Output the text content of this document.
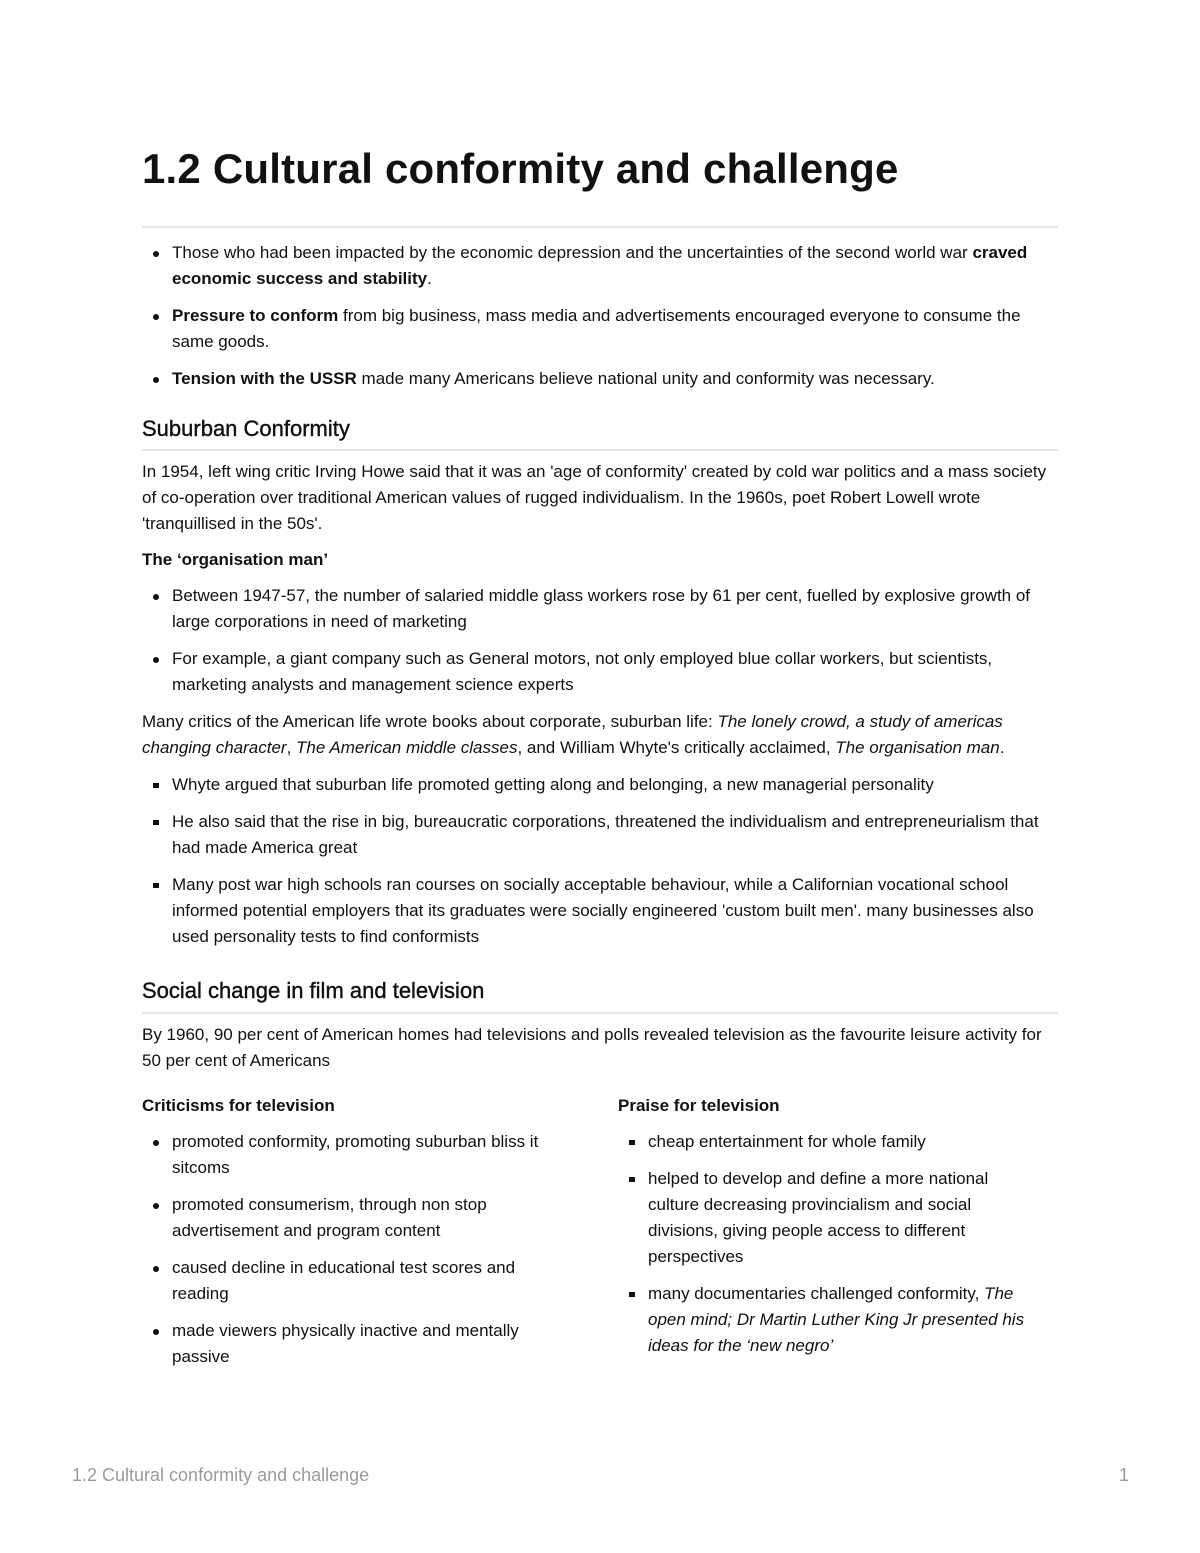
1.2 Cultural conformity and challenge
Those who had been impacted by the economic depression and the uncertainties of the second world war craved economic success and stability.
Pressure to conform from big business, mass media and advertisements encouraged everyone to consume the same goods.
Tension with the USSR made many Americans believe national unity and conformity was necessary.
Suburban Conformity

In 1954, left wing critic Irving Howe said that it was an 'age of conformity' created by cold war politics and a mass society of co-operation over traditional American values of rugged individualism. In the 1960s, poet Robert Lowell wrote 'tranquillised in the 50s'.

The ‘organisation man’

Between 1947-57, the number of salaried middle glass workers rose by 61 per cent, fuelled by explosive growth of large corporations in need of marketing
For example, a giant company such as General motors, not only employed blue collar workers, but scientists, marketing analysts and management science experts

Many critics of the American life wrote books about corporate, suburban life: The lonely crowd, a study of americas changing character, The American middle classes, and William Whyte's critically acclaimed, The organisation man.

Whyte argued that suburban life promoted getting along and belonging, a new managerial personality
He also said that the rise in big, bureaucratic corporations, threatened the individualism and entrepreneurialism that had made America great
Many post war high schools ran courses on socially acceptable behaviour, while a Californian vocational school informed potential employers that its graduates were socially engineered 'custom built men'. many businesses also used personality tests to find conformists
Social change in film and television

By 1960, 90 per cent of American homes had televisions and polls revealed television as the favourite leisure activity for 50 per cent of Americans

Criticisms for television

promoted conformity, promoting suburban bliss it sitcoms
promoted consumerism, through non stop advertisement and program content
caused decline in educational test scores and reading
made viewers physically inactive and mentally passive

Praise for television

cheap entertainment for whole family
helped to develop and define a more national culture decreasing provincialism and social divisions, giving people access to different perspectives
many documentaries challenged conformity, The open mind; Dr Martin Luther King Jr presented his ideas for the ‘new negro’
1.2 Cultural conformity and challenge	1
